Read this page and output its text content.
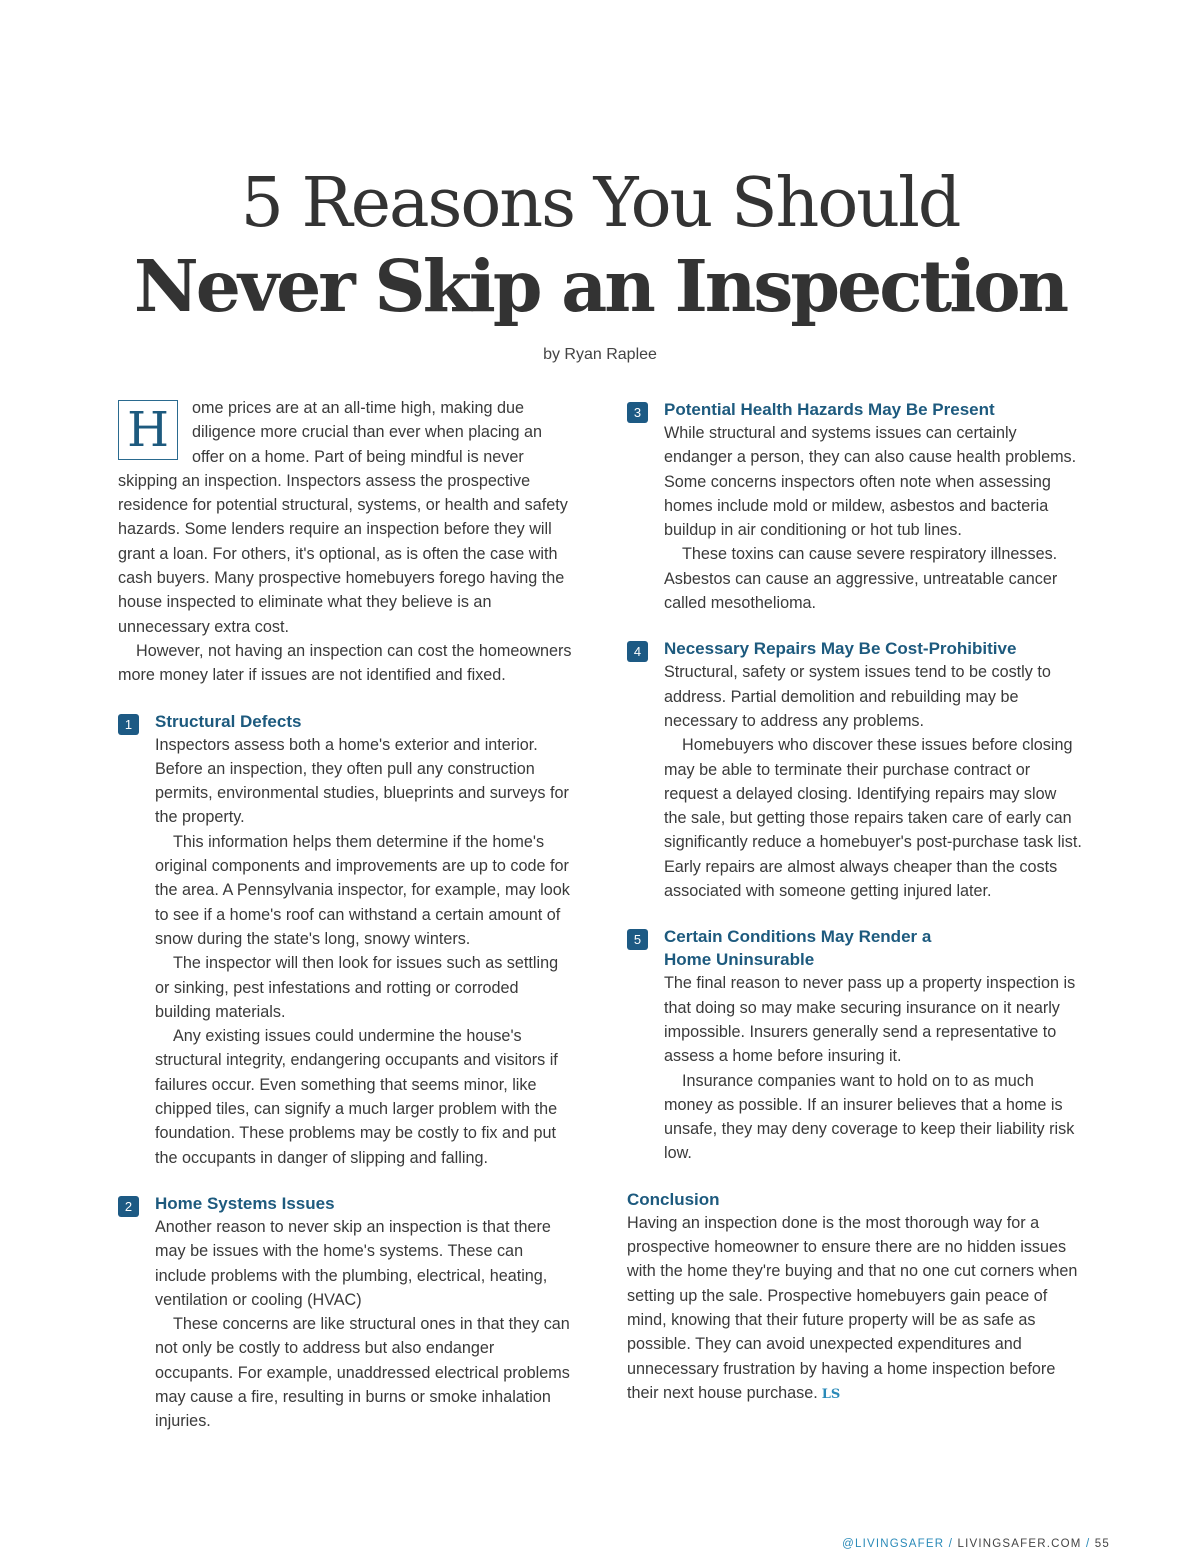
5 Reasons You Should
Never Skip an Inspection
by Ryan Raplee
H	ome prices are at an all-time high, making due diligence more crucial than ever when placing an offer on a home. Part of being mindful is never skipping an inspection. Inspectors assess the prospective residence for potential structural, systems, or health and safety hazards. Some lenders require an inspection before they will grant a loan. For others, it's optional, as is often the case with cash buyers. Many prospective homebuyers forego having the house inspected to eliminate what they believe is an unnecessary extra cost.

However, not having an inspection can cost the homeowners more money later if issues are not identified and fixed.

1	Structural Defects

Inspectors assess both a home's exterior and interior. Before an inspection, they often pull any construction permits, environmental studies, blueprints and surveys for the property.

This information helps them determine if the home's original components and improvements are up to code for the area. A Pennsylvania inspector, for example, may look to see if a home's roof can withstand a certain amount of snow during the state's long, snowy winters.

The inspector will then look for issues such as settling or sinking, pest infestations and rotting or corroded building materials.

Any existing issues could undermine the house's structural integrity, endangering occupants and visitors if failures occur. Even something that seems minor, like chipped tiles, can signify a much larger problem with the foundation. These problems may be costly to fix and put the occupants in danger of slipping and falling.

2	Home Systems Issues

Another reason to never skip an inspection is that there may be issues with the home's systems. These can include problems with the plumbing, electrical, heating, ventilation or cooling (HVAC)

These concerns are like structural ones in that they can not only be costly to address but also endanger occupants. For example, unaddressed electrical problems may cause a fire, resulting in burns or smoke inhalation injuries.

3	Potential Health Hazards May Be Present

While structural and systems issues can certainly endanger a person, they can also cause health problems. Some concerns inspectors often note when assessing homes include mold or mildew, asbestos and bacteria buildup in air conditioning or hot tub lines.

These toxins can cause severe respiratory illnesses. Asbestos can cause an aggressive, untreatable cancer called mesothelioma.

4	Necessary Repairs May Be Cost-Prohibitive

Structural, safety or system issues tend to be costly to address. Partial demolition and rebuilding may be necessary to address any problems.

Homebuyers who discover these issues before closing may be able to terminate their purchase contract or request a delayed closing. Identifying repairs may slow the sale, but getting those repairs taken care of early can significantly reduce a homebuyer's post-purchase task list. Early repairs are almost always cheaper than the costs associated with someone getting injured later.

5	Certain Conditions May Render a Home Uninsurable

The final reason to never pass up a property inspection is that doing so may make securing insurance on it nearly impossible. Insurers generally send a representative to assess a home before insuring it.

Insurance companies want to hold on to as much money as possible. If an insurer believes that a home is unsafe, they may deny coverage to keep their liability risk low.

Conclusion

Having an inspection done is the most thorough way for a prospective homeowner to ensure there are no hidden issues with the home they're buying and that no one cut corners when setting up the sale. Prospective homebuyers gain peace of mind, knowing that their future property will be as safe as possible. They can avoid unexpected expenditures and unnecessary frustration by having a home inspection before their next house purchase. LS

@LIVINGSAFER / LIVINGSAFER.COM / 55
